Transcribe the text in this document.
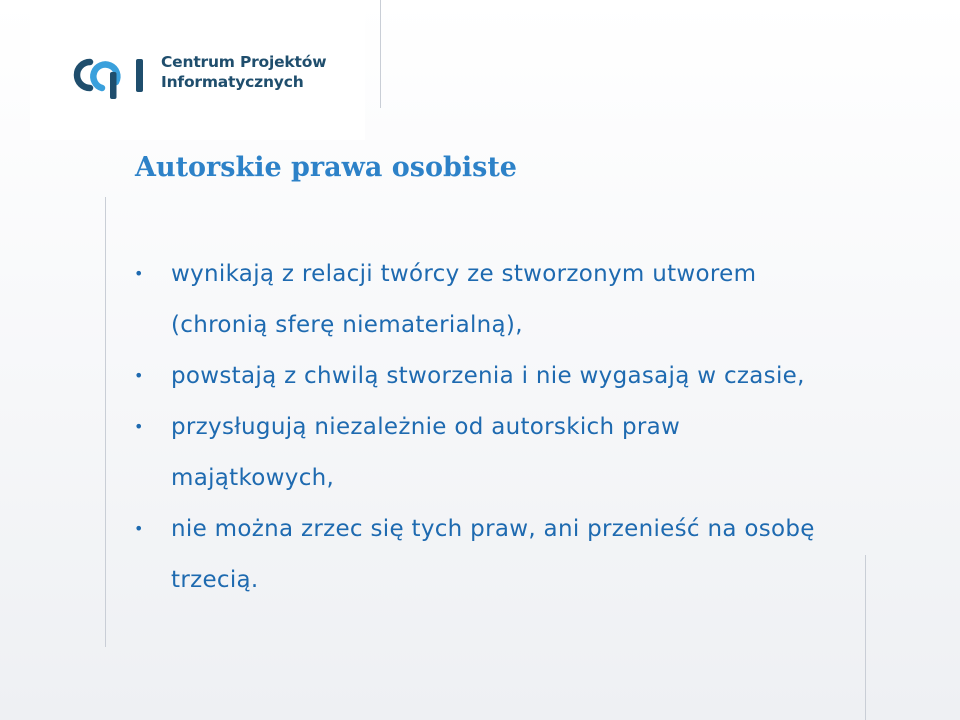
Centrum Projektów
Informatycznych
Autorskie prawa osobiste
• wynikają z relacji twórcy ze stworzonym utworem (chronią sferę niematerialną),
• powstają z chwilą stworzenia i nie wygasają w czasie,
• przysługują niezależnie od autorskich praw majątkowych,
• nie można zrzec się tych praw, ani przenieść na osobę trzecią.
